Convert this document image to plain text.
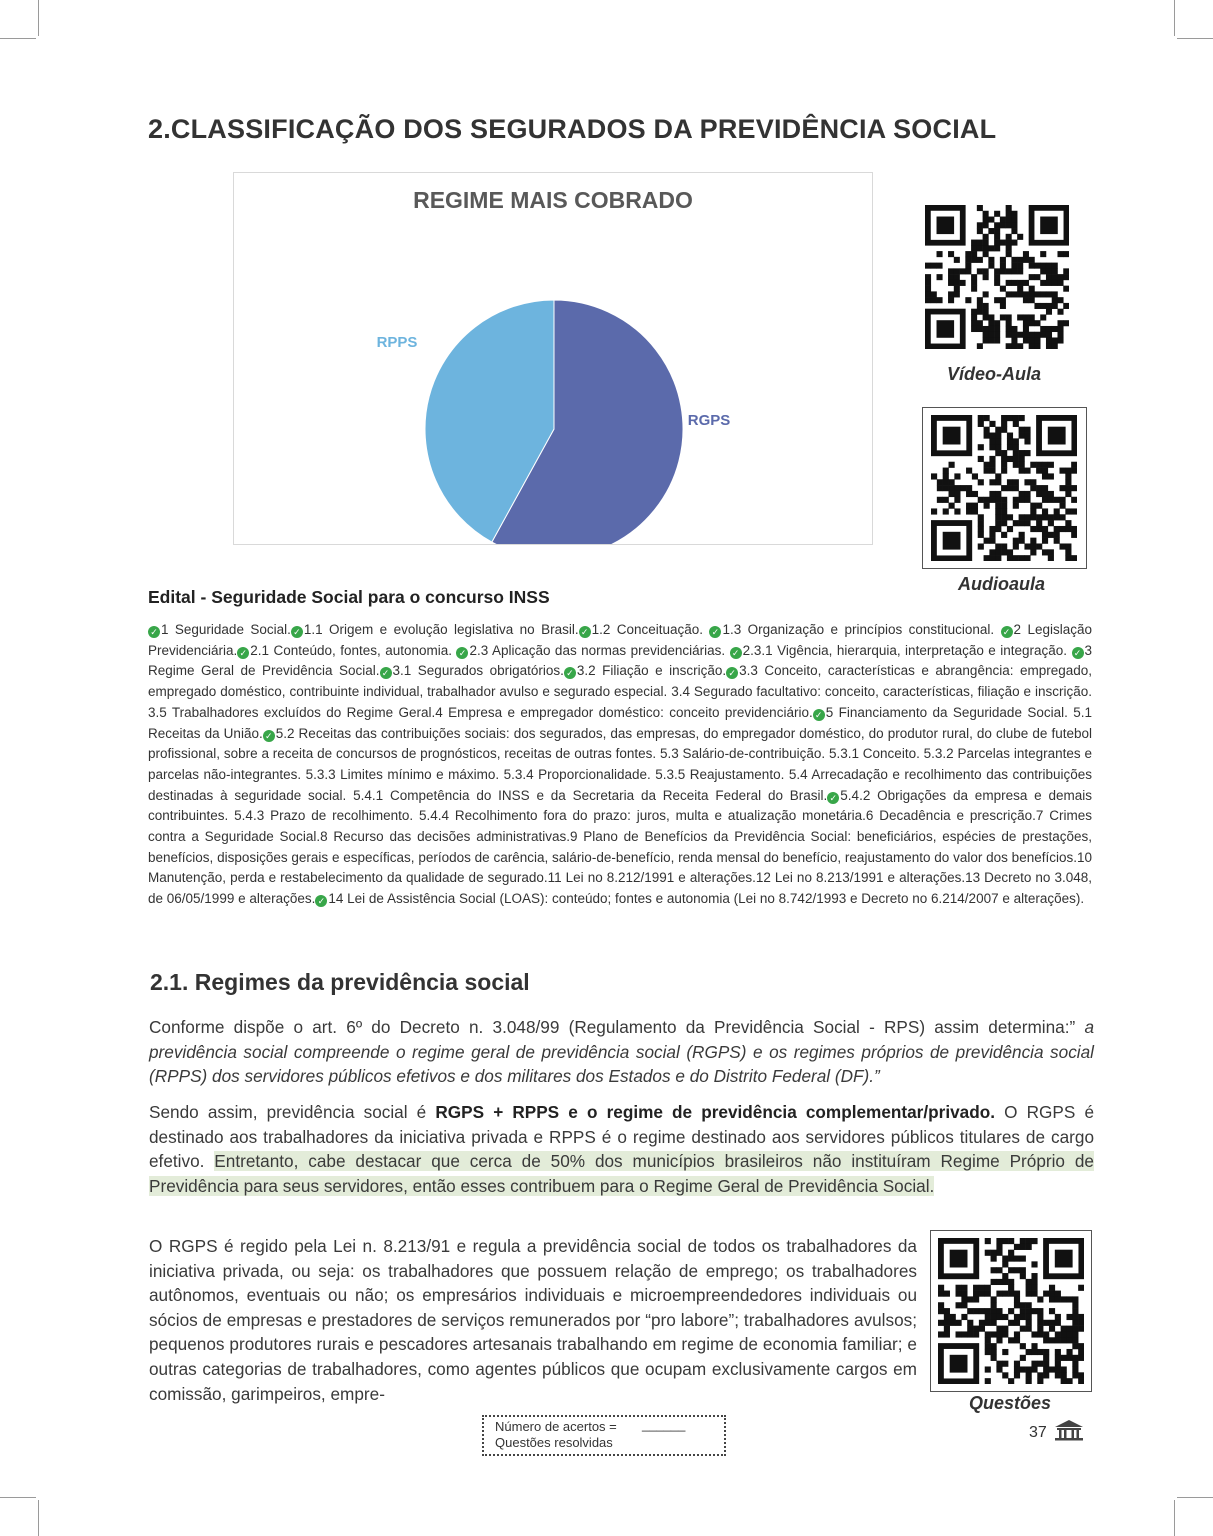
2.CLASSIFICAÇÃO DOS SEGURADOS DA PREVIDÊNCIA SOCIAL
REGIME MAIS COBRADO
RGPS
RPPS
Vídeo-Aula
Audioaula
Questões
Edital - Seguridade Social para o concurso INSS
✓ 1 Seguridade Social. ✓ 1.1 Origem e evolução legislativa no Brasil. ✓ 1.2 Conceituação. ✓ 1.3 Organização e princípios constitucional. ✓ 2 Legislação Previdenciária. ✓ 2.1 Conteúdo, fontes, autonomia. ✓ 2.3 Aplicação das normas previdenciárias. ✓ 2.3.1 Vigência, hierarquia, interpretação e integração. ✓ 3 Regime Geral de Previdência Social. ✓ 3.1 Segurados obrigatórios. ✓ 3.2 Filiação e inscrição. ✓ 3.3 Conceito, características e abrangência: empregado, empregado doméstico, contribuinte individual, trabalhador avulso e segurado especial. 3.4 Segurado facultativo: conceito, características, filiação e inscrição. 3.5 Trabalhadores excluídos do Regime Geral.4 Empresa e empregador doméstico: conceito previdenciário. ✓ 5 Financiamento da Seguridade Social. 5.1 Receitas da União. ✓ 5.2 Receitas das contribuições sociais: dos segurados, das empresas, do empregador doméstico, do produtor rural, do clube de futebol profissional, sobre a receita de concursos de prognósticos, receitas de outras fontes. 5.3 Salário-de-contribuição. 5.3.1 Conceito. 5.3.2 Parcelas integrantes e parcelas não-integrantes. 5.3.3 Limites mínimo e máximo. 5.3.4 Proporcionalidade. 5.3.5 Reajustamento. 5.4 Arrecadação e recolhimento das contribuições destinadas à seguridade social. 5.4.1 Competência do INSS e da Secretaria da Receita Federal do Brasil. ✓ 5.4.2 Obrigações da empresa e demais contribuintes. 5.4.3 Prazo de recolhimento. 5.4.4 Recolhimento fora do prazo: juros, multa e atualização monetária.6 Decadência e prescrição.7 Crimes contra a Seguridade Social.8 Recurso das decisões administrativas.9 Plano de Benefícios da Previdência Social: beneficiários, espécies de prestações, benefícios, disposições gerais e específicas, períodos de carência, salário-de-benefício, renda mensal do benefício, reajustamento do valor dos benefícios.10 Manutenção, perda e restabelecimento da qualidade de segurado.11 Lei no 8.212/1991 e alterações.12 Lei no 8.213/1991 e alterações.13 Decreto no 3.048, de 06/05/1999 e alterações. ✓ 14 Lei de Assistência Social (LOAS): conteúdo; fontes e autonomia (Lei no 8.742/1993 e Decreto no 6.214/2007 e alterações).
2.1. Regimes da previdência social
Conforme dispõe o art. 6º do Decreto n. 3.048/99 (Regulamento da Previdência Social - RPS) assim determina:” a previdência social compreende o regime geral de previdência social (RGPS) e os regimes próprios de previdência social (RPPS) dos servidores públicos efetivos e dos militares dos Estados e do Distrito Federal (DF).”
Sendo assim, previdência social é RGPS + RPPS e o regime de previdência complementar/privado. O RGPS é destinado aos trabalhadores da iniciativa privada e RPPS é o regime destinado aos servidores públicos titulares de cargo efetivo. Entretanto, cabe destacar que cerca de 50% dos municípios brasileiros não instituíram Regime Próprio de Previdência para seus servidores, então esses contribuem para o Regime Geral de Previdência Social.
O RGPS é regido pela Lei n. 8.213/91 e regula a previdência social de todos os trabalhadores da iniciativa privada, ou seja: os trabalhadores que possuem relação de emprego; os trabalhadores autônomos, eventuais ou não; os empresários individuais e microempreendedores individuais ou sócios de empresas e prestadores de serviços remunerados por “pro labore”; trabalhadores avulsos; pequenos produtores rurais e pescadores artesanais trabalhando em regime de economia familiar; e outras categorias de trabalhadores, como agentes públicos que ocupam exclusivamente cargos em comissão, garimpeiros, empre-
Número de acertos = ______
Questões resolvidas
37
